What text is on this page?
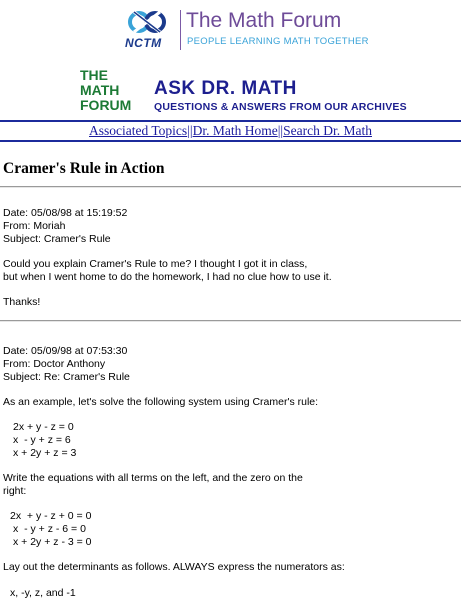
NCTM
The Math Forum
PEOPLE LEARNING MATH TOGETHER
THE
MATH
FORUM
ASK DR. MATH
QUESTIONS & ANSWERS FROM OUR ARCHIVES
Associated Topics||Dr. Math Home||Search Dr. Math
Cramer's Rule in Action
Date: 05/08/98 at 15:19:52
From: Moriah
Subject: Cramer's Rule
Could you explain Cramer's Rule to me? I thought I got it in class,
but when I went home to do the homework, I had no clue how to use it.
Thanks!
Date: 05/09/98 at 07:53:30
From: Doctor Anthony
Subject: Re: Cramer's Rule
As an example, let's solve the following system using Cramer's rule:
2x + y - z = 0
x  - y + z = 6
x + 2y + z = 3
Write the equations with all terms on the left, and the zero on the
right:
2x  + y - z + 0 = 0
x  - y + z - 6 = 0
x + 2y + z - 3 = 0
Lay out the determinants as follows. ALWAYS express the numerators as:
x, -y, z, and -1
